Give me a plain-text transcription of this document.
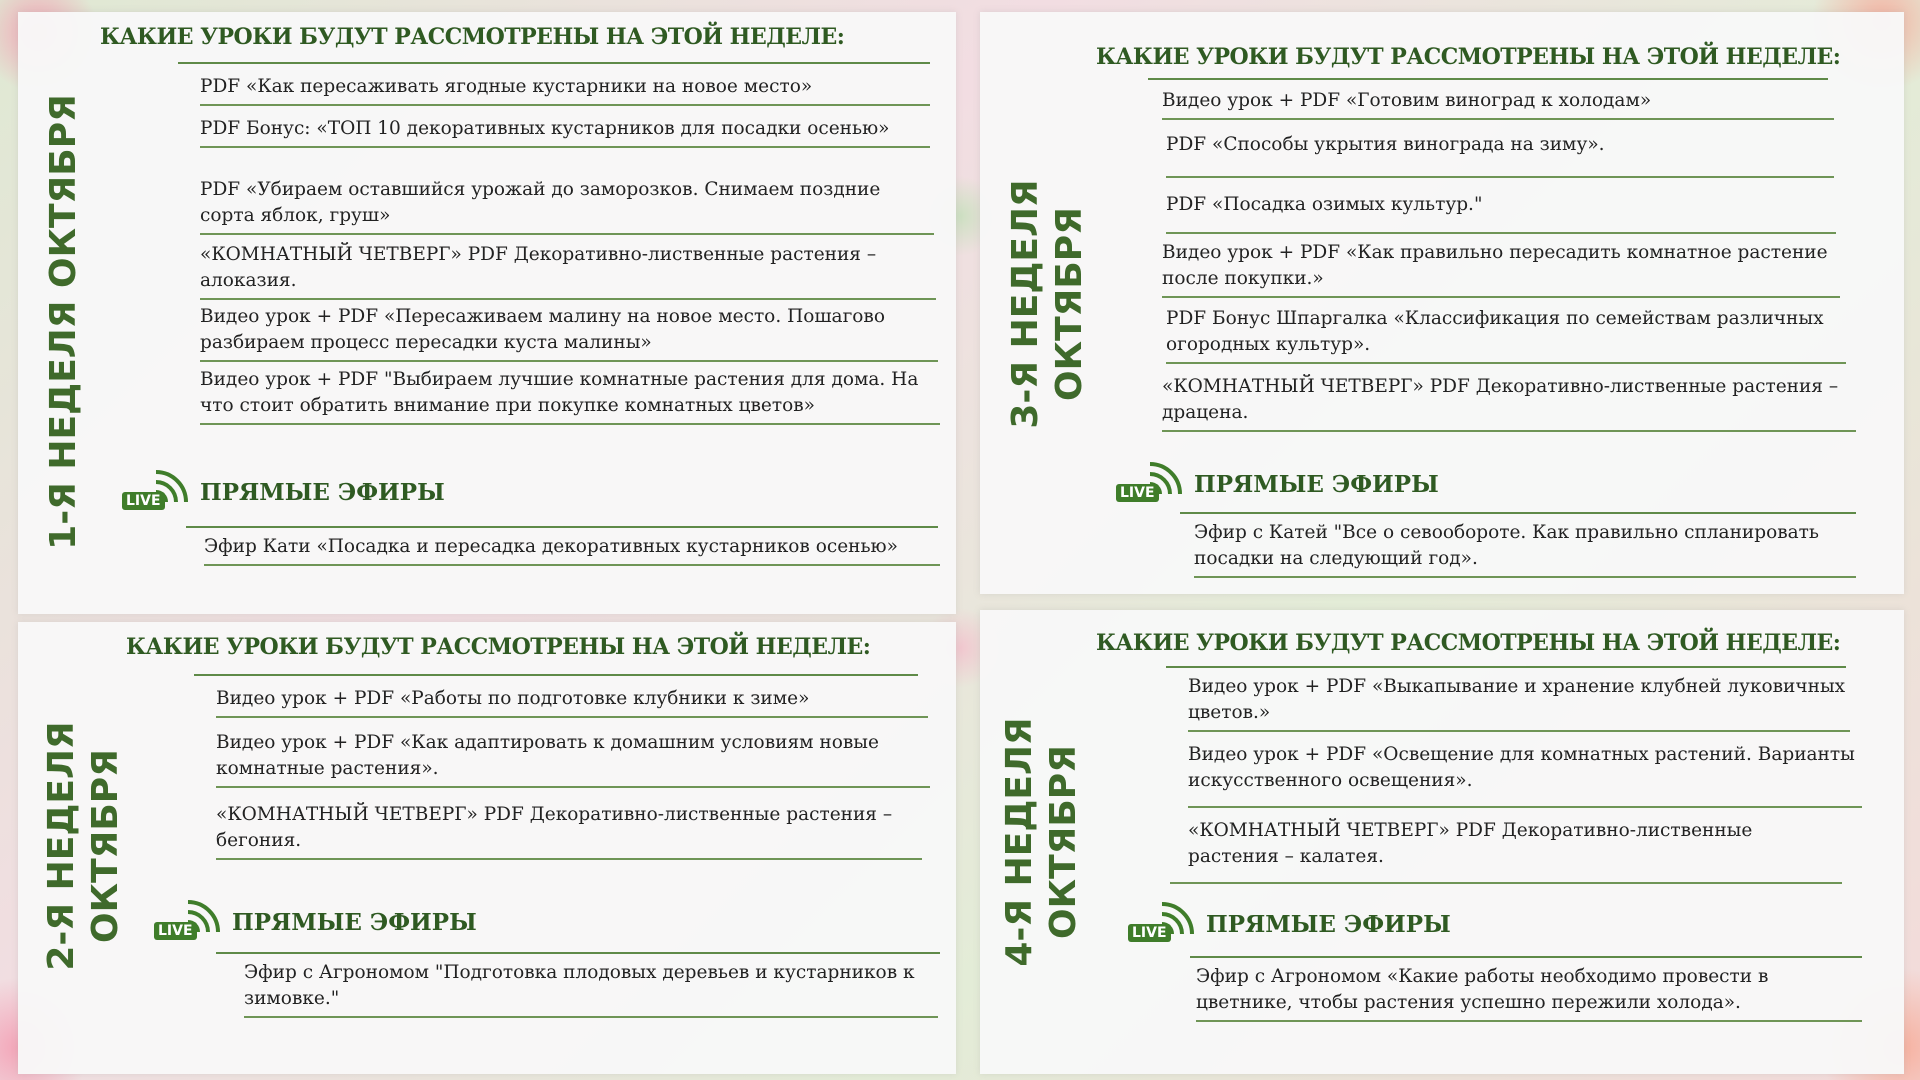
1-Я НЕДЕЛЯ ОКТЯБРЯ
КАКИЕ УРОКИ БУДУТ РАССМОТРЕНЫ НА ЭТОЙ НЕДЕЛЕ:
PDF «Как пересаживать ягодные кустарники на новое место»
PDF Бонус: «ТОП 10 декоративных кустарников для посадки осенью»
PDF «Убираем оставшийся урожай до заморозков. Снимаем поздние сорта яблок, груш»
«КОМНАТНЫЙ ЧЕТВЕРГ» PDF Декоративно-лиственные растения – алоказия.
Видео урок + PDF «Пересаживаем малину на новое место. Пошагово разбираем процесс пересадки куста малины»
Видео урок + PDF "Выбираем лучшие комнатные растения для дома. На что стоит обратить внимание при покупке комнатных цветов»
LIVE ПРЯМЫЕ ЭФИРЫ
Эфир Кати «Посадка и пересадка декоративных кустарников осенью»
2-Я НЕДЕЛЯ ОКТЯБРЯ
КАКИЕ УРОКИ БУДУТ РАССМОТРЕНЫ НА ЭТОЙ НЕДЕЛЕ:
Видео урок + PDF «Работы по подготовке клубники к зиме»
Видео урок + PDF «Как адаптировать к домашним условиям новые комнатные растения».
«КОМНАТНЫЙ ЧЕТВЕРГ» PDF Декоративно-лиственные растения – бегония.
LIVE ПРЯМЫЕ ЭФИРЫ
Эфир с Агрономом "Подготовка плодовых деревьев и кустарников к зимовке."
3-Я НЕДЕЛЯ ОКТЯБРЯ
КАКИЕ УРОКИ БУДУТ РАССМОТРЕНЫ НА ЭТОЙ НЕДЕЛЕ:
Видео урок + PDF «Готовим виноград к холодам»
PDF «Способы укрытия винограда на зиму».
PDF «Посадка озимых культур."
Видео урок + PDF «Как правильно пересадить комнатное растение после покупки.»
PDF Бонус Шпаргалка «Классификация по семействам различных огородных культур».
«КОМНАТНЫЙ ЧЕТВЕРГ» PDF Декоративно-лиственные растения – драцена.
LIVE ПРЯМЫЕ ЭФИРЫ
Эфир с Катей "Все о севообороте. Как правильно спланировать посадки на следующий год».
4-Я НЕДЕЛЯ ОКТЯБРЯ
КАКИЕ УРОКИ БУДУТ РАССМОТРЕНЫ НА ЭТОЙ НЕДЕЛЕ:
Видео урок + PDF «Выкапывание и хранение клубней луковичных цветов.»
Видео урок + PDF «Освещение для комнатных растений. Варианты искусственного освещения».
«КОМНАТНЫЙ ЧЕТВЕРГ» PDF Декоративно-лиственные растения – калатея.
LIVE ПРЯМЫЕ ЭФИРЫ
Эфир с Агрономом «Какие работы необходимо провести в цветнике, чтобы растения успешно пережили холода».
